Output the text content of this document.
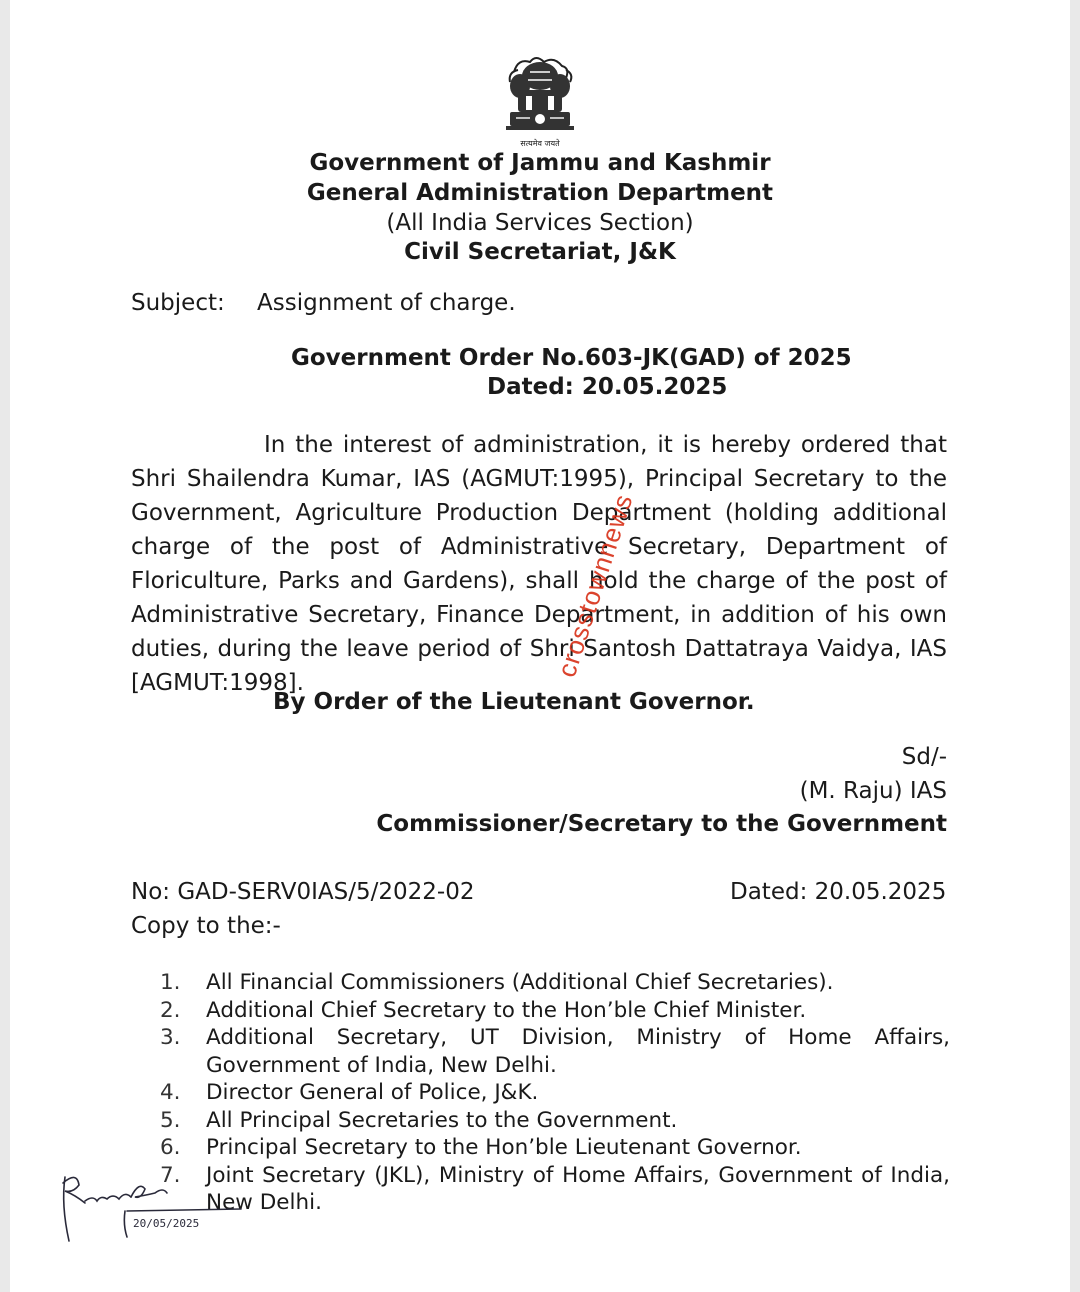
सत्यमेव जयते
Government of Jammu and Kashmir
General Administration Department
(All India Services Section)
Civil Secretariat, J&K
Subject: Assignment of charge.
Government Order No.603-JK(GAD) of 2025
Dated: 20.05.2025

In the interest of administration, it is hereby ordered that Shri Shailendra Kumar, IAS (AGMUT:1995), Principal Secretary to the Government, Agriculture Production Department (holding additional charge of the post of Administrative Secretary, Department of Floriculture, Parks and Gardens), shall hold the charge of the post of Administrative Secretary, Finance Department, in addition of his own duties, during the leave period of Shri Santosh Dattatraya Vaidya, IAS [AGMUT:1998].

crosstownnews
By Order of the Lieutenant Governor.
Sd/-
(M. Raju) IAS
Commissioner/Secretary to the Government
No: GAD-SERV0IAS/5/2022-02	Dated: 20.05.2025
Copy to the:-
1.	All Financial Commissioners (Additional Chief Secretaries).
2.	Additional Chief Secretary to the Hon’ble Chief Minister.
3.	Additional Secretary, UT Division, Ministry of Home Affairs, Government of India, New Delhi.
4.	Director General of Police, J&K.
5.	All Principal Secretaries to the Government.
6.	Principal Secretary to the Hon’ble Lieutenant Governor.
7.	Joint Secretary (JKL), Ministry of Home Affairs, Government of India, New Delhi.
20/05/2025
